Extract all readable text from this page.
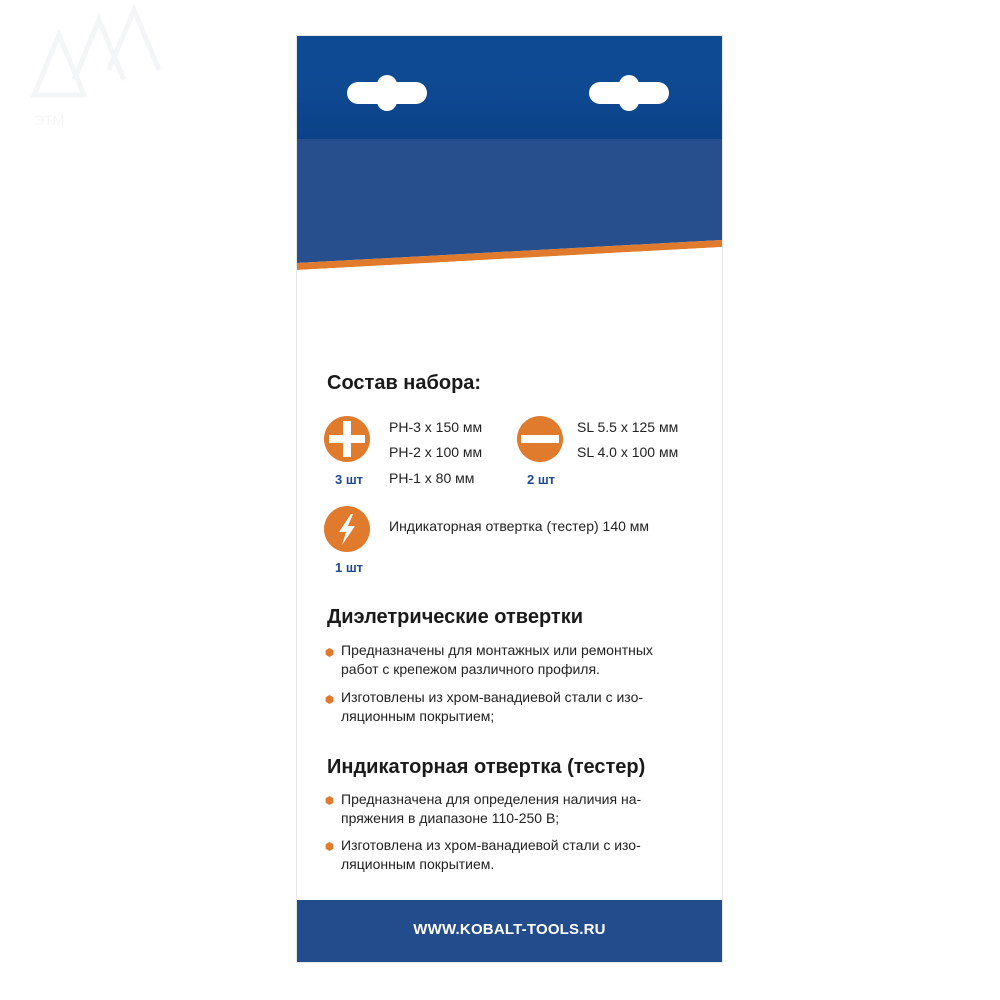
ЭТМ
Состав набора:
3 шт
PH-3 x 150 мм
PH-2 x 100 мм
PH-1 x 80 мм	2 шт
SL 5.5 x 125 мм
SL 4.0 x 100 мм
1 шт
Индикаторная отвертка (тестер) 140 мм
Диэлетрические отвертки
Предназначены для монтажных или ремонтных
работ с крепежом различного профиля.
Изготовлены из хром-ванадиевой стали с изо-
ляционным покрытием;
Индикаторная отвертка (тестер)
Предназначена для определения наличия на-
пряжения в диапазоне 110-250 В;
Изготовлена из хром-ванадиевой стали с изо-
ляционным покрытием.
WWW.KOBALT-TOOLS.RU
